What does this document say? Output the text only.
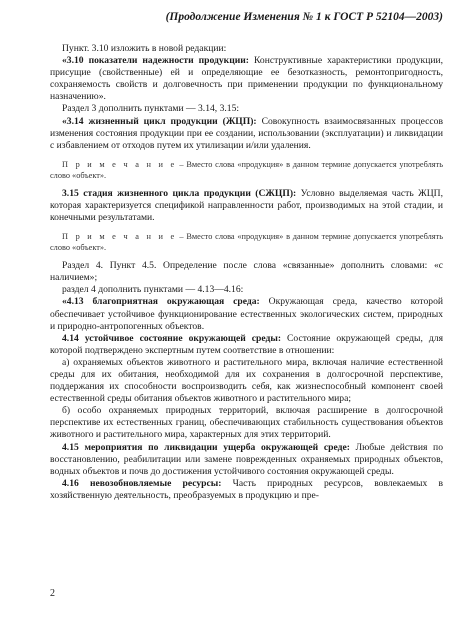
(Продолжение Изменения № 1 к ГОСТ Р 52104—2003)

Пункт. 3.10 изложить в новой редакции:

«3.10 показатели надежности продукции: Конструктивные характеристики продукции, присущие (свойственные) ей и определяющие ее безотказность, ремонтопригодность, сохраняемость свойств и долговечность при применении продукции по функциональному назначению».

Раздел 3 дополнить пунктами — 3.14, 3.15:

«3.14 жизненный цикл продукции (ЖЦП): Совокупность взаимосвязанных процессов изменения состояния продукции при ее создании, использовании (эксплуатации) и ликвидации с избавлением от отходов путем их утилизации и/или удаления.

П р и м е ч а н и е – Вместо слова «продукция» в данном термине допускается употреблять слово «объект».

3.15 стадия жизненного цикла продукции (СЖЦП): Условно выделяемая часть ЖЦП, которая характеризуется спецификой направленности работ, производимых на этой стадии, и конечными результатами.

П р и м е ч а н и е – Вместо слова «продукция» в данном термине допускается употреблять слово «объект».

Раздел 4. Пункт 4.5. Определение после слова «связанные» дополнить словами: «с наличием»;

раздел 4 дополнить пунктами — 4.13—4.16:

«4.13 благоприятная окружающая среда: Окружающая среда, качество которой обеспечивает устойчивое функционирование естественных экологических систем, природных и природно-антропогенных объектов.

4.14 устойчивое состояние окружающей среды: Состояние окружающей среды, для которой подтверждено экспертным путем соответствие в отношении:

а) охраняемых объектов животного и растительного мира, включая наличие естественной среды для их обитания, необходимой для их сохранения в долгосрочной перспективе, поддержания их способности воспроизводить себя, как жизнеспособный компонент своей естественной среды обитания объектов животного и растительного мира;

б) особо охраняемых природных территорий, включая расширение в долгосрочной перспективе их естественных границ, обеспечивающих стабильность существования объектов животного и растительного мира, характерных для этих территорий.

4.15 мероприятия по ликвидации ущерба окружающей среде: Любые действия по восстановлению, реабилитации или замене поврежденных охраняемых природных объектов, водных объектов и почв до достижения устойчивого состояния окружающей среды.

4.16 невозобновляемые ресурсы: Часть природных ресурсов, вовлекаемых в хозяйственную деятельность, преобразуемых в продукцию и пре-

2
